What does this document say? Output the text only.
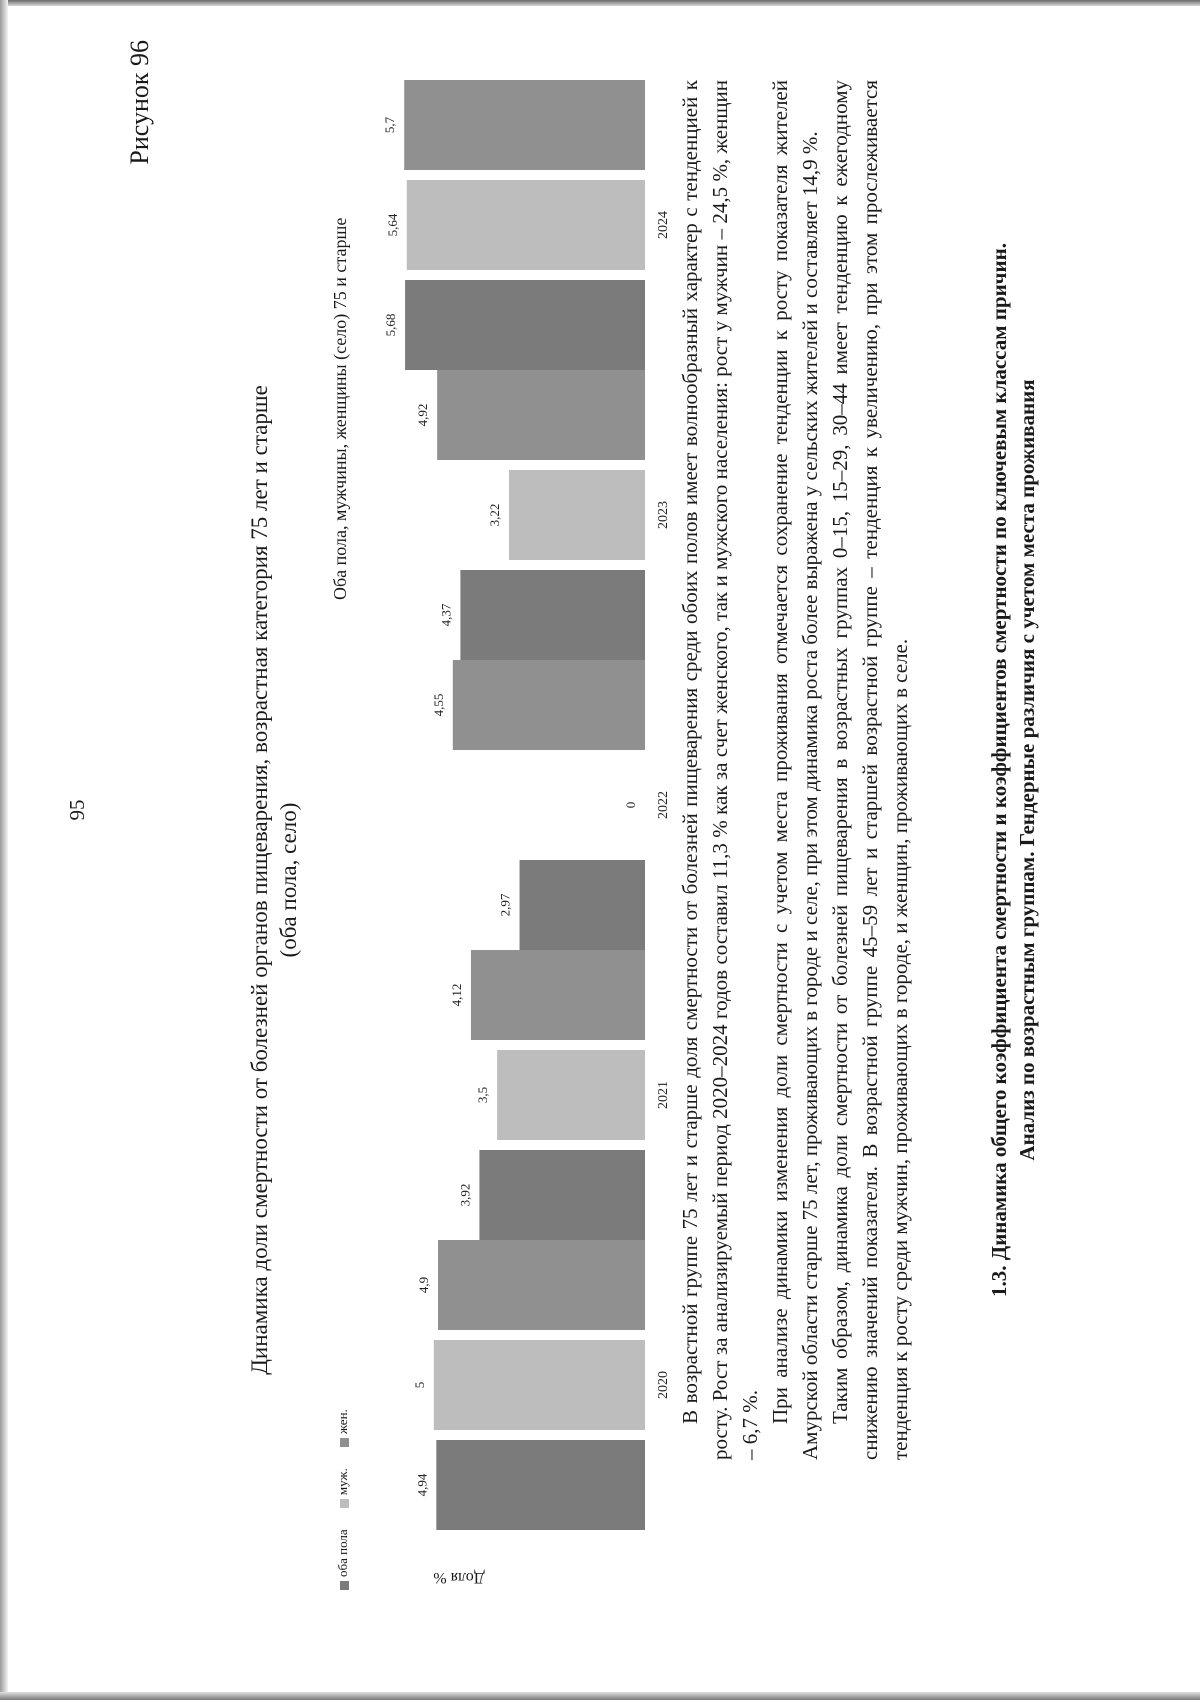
95
Рисунок 96
Динамика доли смертности от болезней органов пищеварения, возрастная категория 75 лет и старше (оба пола, село)
Оба пола, мужчины, женщины (село) 75 и старше
оба пола муж. жен.
Доля %
4,94
5
4,9
2020
3,92
3,5
4,12
2021
2,97
0
4,55
2022
4,37
3,22
4,92
2023
5,68
5,64
5,7
2024 В возрастной группе 75 лет и старше доля смертности от болезней пищеварения среди обоих полов имеет волнообразный характер с тенденцией к росту. Рост за анализируемый период 2020–2024 годов составил 11,3 % как за счет женского, так и мужского населения: рост у мужчин – 24,5 %, женщин – 6,7 %.

При анализе динамики изменения доли смертности с учетом места проживания отмечается сохранение тенденции к росту показателя жителей Амурской области старше 75 лет, проживающих в городе и селе, при этом динамика роста более выражена у сельских жителей и составляет 14,9 %. Таким образом, динамика доли смертности от болезней пищеварения в возрастных группах 0–15, 15–29, 30–44 имеет тенденцию к ежегодному снижению значений показателя. В возрастной группе 45–59 лет и старшей возрастной группе – тенденция к увеличению, при этом прослеживается тенденция к росту среди мужчин, проживающих в городе, и женщин, проживающих в селе.	1.3. Динамика общего коэффициента смертности и коэффициентов смертности по ключевым классам причин. Анализ по возрастным группам. Гендерные различия с учетом места проживания
